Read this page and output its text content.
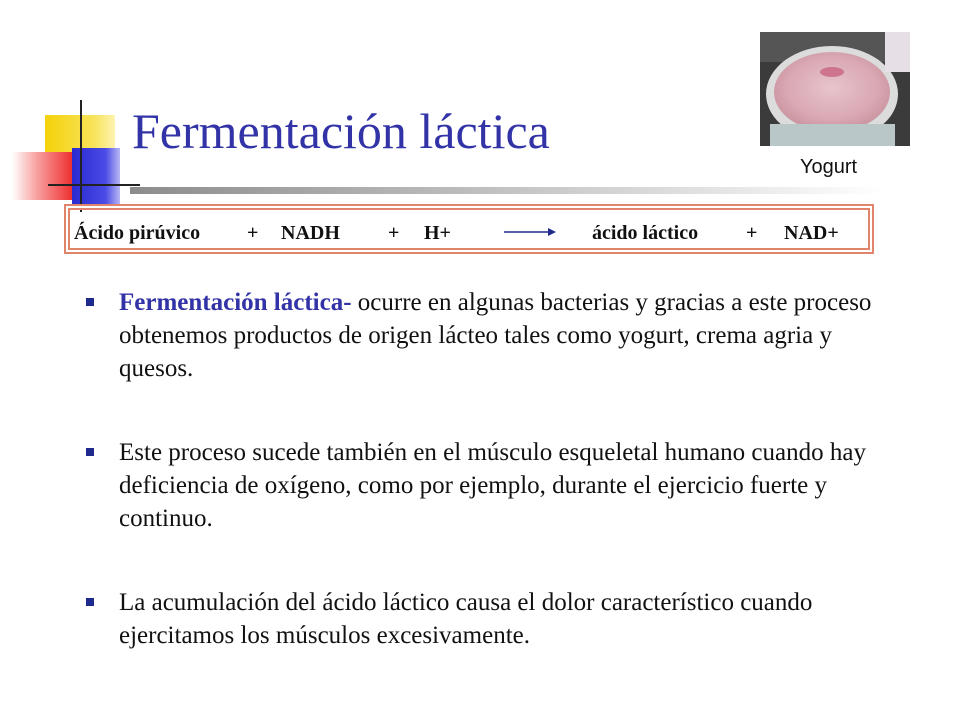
Fermentación láctica
Yogurt
Ácido pirúvico + NADH + H+	ácido láctico + NAD+
Fermentación láctica- ocurre en algunas bacterias y gracias a este proceso obtenemos productos de origen lácteo tales como yogurt, crema agria y quesos.
Este proceso sucede también en el músculo esqueletal humano cuando hay deficiencia de oxígeno, como por ejemplo, durante el ejercicio fuerte y continuo.
La acumulación del ácido láctico causa el dolor característico cuando ejercitamos los músculos excesivamente.
